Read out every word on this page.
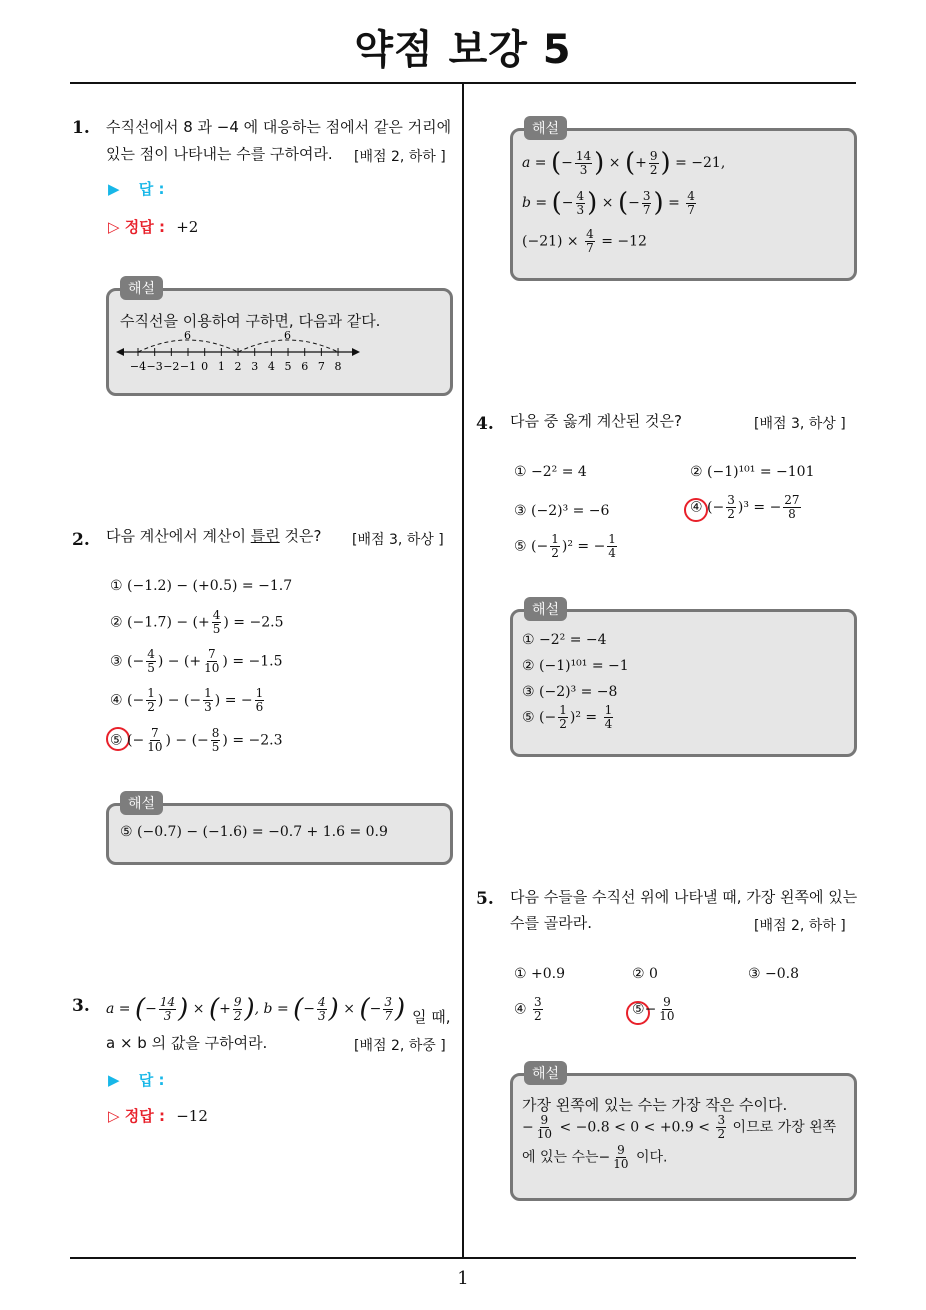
약점 보강 5
1
1. 수직선에서 8 과 −4 에 대응하는 점에서 같은 거리에
있는 점이 나타내는 수를 구하여라. [배점 2, 하하 ]
▶ 답 :
▷ 정답 : +2
해설
수직선을 이용하여 구하면, 다음과 같다.
6	6
−4 −3 −2 −1 0 1 2 3 4 5 6 7 8
2. 다음 계산에서 계산이 틀린 것은? [배점 3, 하상 ]
① (−1.2) − (+0.5) = −1.7
② (−1.7) − (+ $\frac{4}{5}$ ) = −2.5
③ (− $\frac{4}{5}$ ) − (+ $\frac{7}{10}$ ) = −1.5
④ (− $\frac{1}{2}$ ) − (− $\frac{1}{3}$ ) = − $\frac{1}{6}$
⑤ (− $\frac{7}{10}$ ) − (− $\frac{8}{5}$ ) = −2.3
해설
⑤ (−0.7) − (−1.6) = −0.7 + 1.6 = 0.9
3. a = (− $\frac{14}{3}$ ) × (+ $\frac{9}{2}$ ), b = (− $\frac{4}{3}$ ) × (− $\frac{3}{7}$ ) 일 때,
a × b 의 값을 구하여라.	[배점 2, 하중 ]
▶ 답 :
▷ 정답 : −12
해설
a = (− $\frac{14}{3}$ ) × (+ $\frac{9}{2}$ ) = −21,
b = (− $\frac{4}{3}$ ) × (− $\frac{3}{7}$ ) = $\frac{4}{7}$
$(-21) \times \frac{4}{7} = -12$
4. 다음 중 옳게 계산된 것은?	[배점 3, 하상 ]
① −2² = 4	② (−1)¹⁰¹ = −101
③ (−2)³ = −6	④ (− $\frac{3}{2} )^3$ = − $\frac{27}{8}$
⑤ (− $\frac{1}{2} )^2$ = − $\frac{1}{4}$
해설
① −2² = −4
② (−1)¹⁰¹ = −1
③ (−2)³ = −8
⑤ (− $\frac{1}{2} )^2 = \frac{1}{4}$
5. 다음 수들을 수직선 위에 나타낼 때, 가장 왼쪽에 있는
수를 골라라.	[배점 2, 하하 ]
① +0.9	② 0	③ −0.8
④ $\frac{3}{2}$	⑤− $\frac{9}{10}$
해설
가장 왼쪽에 있는 수는 가장 작은 수이다.
− $\frac{9}{10} < -0.8 < 0 < +0.9 < \frac{3}{2}$ 이므로 가장 왼쪽
에 있는 수는− $\frac{9}{10}$ 이다.
